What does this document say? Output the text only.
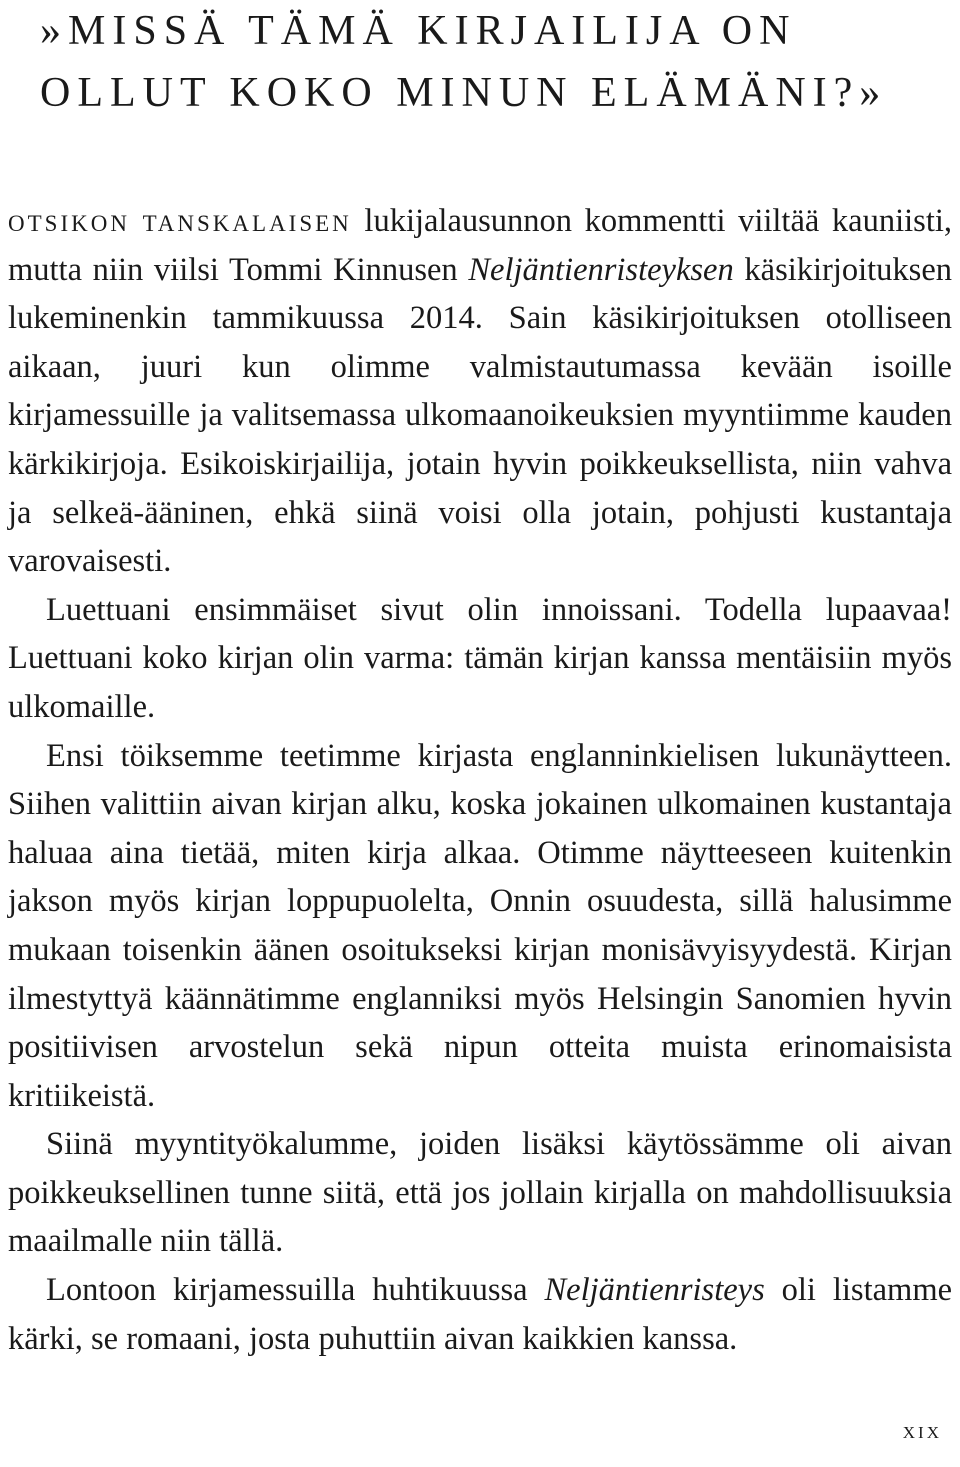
»MISSÄ TÄMÄ KIRJAILIJA ON OLLUT KOKO MINUN ELÄMÄNI?»

otsikon tanskalaisen lukijalausunnon kommentti viiltää kauniisti, mutta niin viilsi Tommi Kinnusen Neljäntienristeyksen käsikirjoituksen lukeminenkin tammikuussa 2014. Sain käsikirjoituksen otolliseen aikaan, juuri kun olimme valmistautumassa kevään isoille kirjamessuille ja valitsemassa ulkomaanoikeuksien myyntiimme kauden kärkikirjoja. Esikoiskirjailija, jotain hyvin poikkeuksellista, niin vahva ja selkeä-ääninen, ehkä siinä voisi olla jotain, pohjusti kustantaja varovaisesti.

Luettuani ensimmäiset sivut olin innoissani. Todella lupaavaa! Luettuani koko kirjan olin varma: tämän kirjan kanssa mentäisiin myös ulkomaille.

Ensi töiksemme teetimme kirjasta englanninkielisen lukunäytteen. Siihen valittiin aivan kirjan alku, koska jokainen ulkomainen kustantaja haluaa aina tietää, miten kirja alkaa. Otimme näytteeseen kuitenkin jakson myös kirjan loppupuolelta, Onnin osuudesta, sillä halusimme mukaan toisenkin äänen osoitukseksi kirjan monisävyisyydestä. Kirjan ilmestyttyä käännätimme englanniksi myös Helsingin Sanomien hyvin positiivisen arvostelun sekä nipun otteita muista erinomaisista kritiikeistä.

Siinä myyntityökalumme, joiden lisäksi käytössämme oli aivan poikkeuksellinen tunne siitä, että jos jollain kirjalla on mahdollisuuksia maailmalle niin tällä.

Lontoon kirjamessuilla huhtikuussa Neljäntienristeys oli listamme kärki, se romaani, josta puhuttiin aivan kaikkien kanssa.

xix
